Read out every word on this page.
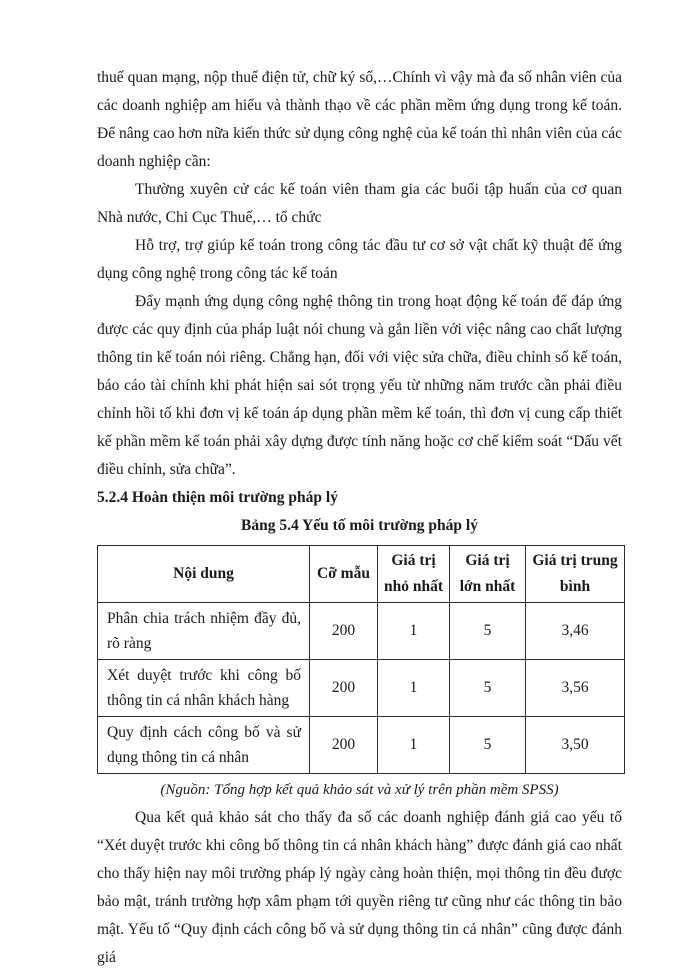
thuế quan mạng, nộp thuế điện tử, chữ ký số,…Chính vì vậy mà đa số nhân viên của các doanh nghiệp am hiểu và thành thạo về các phần mềm ứng dụng trong kế toán. Để nâng cao hơn nữa kiến thức sử dụng công nghệ của kế toán thì nhân viên của các doanh nghiệp cần:

Thường xuyên cử các kế toán viên tham gia các buổi tập huấn của cơ quan Nhà nước, Chi Cục Thuế,… tổ chức

Hỗ trợ, trợ giúp kế toán trong công tác đầu tư cơ sở vật chất kỹ thuật để ứng dụng công nghệ trong công tác kế toán

Đẩy mạnh ứng dụng công nghệ thông tin trong hoạt động kế toán để đáp ứng được các quy định của pháp luật nói chung và gắn liền với việc nâng cao chất lượng thông tin kế toán nói riêng. Chẳng hạn, đối với việc sửa chữa, điều chỉnh sổ kế toán, báo cáo tài chính khi phát hiện sai sót trọng yếu từ những năm trước cần phải điều chỉnh hồi tố khi đơn vị kế toán áp dụng phần mềm kế toán, thì đơn vị cung cấp thiết kế phần mềm kế toán phải xây dựng được tính năng hoặc cơ chế kiểm soát “Dấu vết điều chỉnh, sửa chữa”.

5.2.4 Hoàn thiện môi trường pháp lý

Bảng 5.4 Yếu tố môi trường pháp lý

Nội dung	Cỡ mẫu	Giá trị nhỏ nhất	Giá trị lớn nhất	Giá trị trung bình
Phân chia trách nhiệm đầy đủ, rõ ràng	200	1	5	3,46
Xét duyệt trước khi công bố thông tin cá nhân khách hàng	200	1	5	3,56
Quy định cách công bố và sử dụng thông tin cá nhân	200	1	5	3,50

(Nguồn: Tổng hợp kết quả khảo sát và xử lý trên phần mềm SPSS)

Qua kết quả khảo sát cho thấy đa số các doanh nghiệp đánh giá cao yếu tố “Xét duyệt trước khi công bố thông tin cá nhân khách hàng” được đánh giá cao nhất cho thấy hiện nay môi trường pháp lý ngày càng hoàn thiện, mọi thông tin đều được bảo mật, tránh trường hợp xâm phạm tới quyền riêng tư cũng như các thông tin bảo mật. Yếu tố “Quy định cách công bố và sử dụng thông tin cá nhân” cũng được đánh giá
